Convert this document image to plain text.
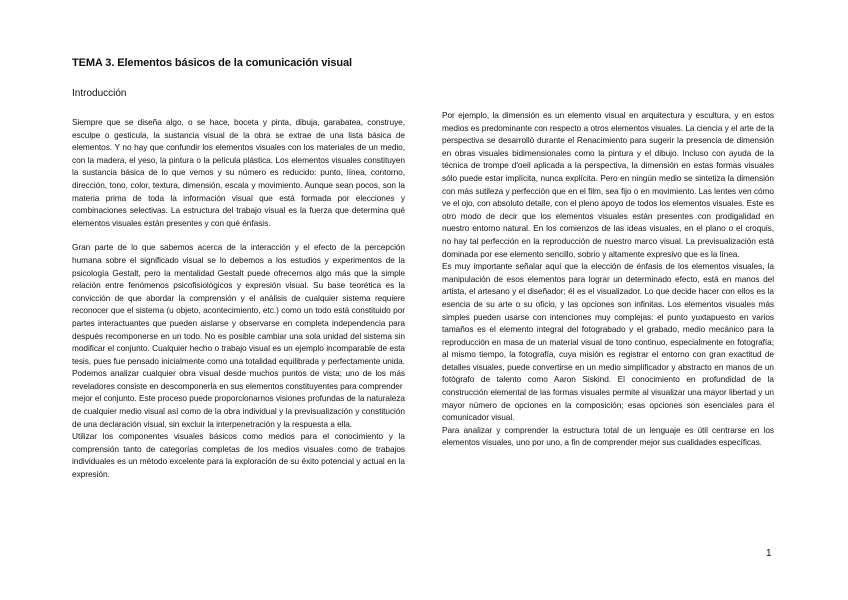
TEMA 3. Elementos básicos de la comunicación visual
Introducción

Siempre que se diseña algo, o se hace, boceta y pinta, dibuja, garabatea, construye, esculpe o gesticula, la sustancia visual de la obra se extrae de una lista básica de elementos. Y no hay que confundir los elementos visuales con los materiales de un medio, con la madera, el yeso, la pintura o la película plástica. Los elementos visuales constituyen la sustancia básica de lo que vemos y su número es reducido: punto, línea, contorno, dirección, tono, color, textura, dimensión, escala y movimiento. Aunque sean pocos, son la materia prima de toda la información visual que está formada por elecciones y combinaciones selectivas. La estructura del trabajo visual es la fuerza que determina qué elementos visuales están presentes y con qué énfasis.

Gran parte de lo que sabemos acerca de la interacción y el efecto de la percepción humana sobre el significado visual se lo debemos a los estudios y experimentos de la psicología Gestalt, pero la mentalidad Gestalt puede ofrecernos algo más que la simple relación entre fenómenos psicofisiológicos y expresión visual. Su base teorética es la convicción de que abordar la comprensión y el análisis de cualquier sistema requiere reconocer que el sistema (u objeto, acontecimiento, etc.) como un todo está constituido por partes interactuantes que pueden aislarse y observarse en completa independencia para después recomponerse en un todo. No es posible cambiar una sola unidad del sistema sin modificar el conjunto. Cualquier hecho o trabajo visual es un ejemplo incomparable de esta tesis, pues fue pensado inicialmente como una totalidad equilibrada y perfectamente unida. Podemos analizar cualquier obra visual desde muchos puntos de vista; uno de los más reveladores consiste en descomponerla en sus elementos constituyentes para comprender

mejor el conjunto. Este proceso puede proporcionarnos visiones profundas de la naturaleza de cualquier medio visual así como de la obra individual y la previsualización y constitución de una declaración visual, sin excluir la interpenetración y la respuesta a ella.

Utilizar los componentes visuales básicos como medios para el conocimiento y la comprensión tanto de categorías completas de los medios visuales como de trabajos individuales es un método excelente para la exploración de su éxito potencial y actual en la expresión.

Por ejemplo, la dimensión es un elemento visual en arquitectura y escultura, y en estos medios es predominante con respecto a otros elementos visuales. La ciencia y el arte de la perspectiva se desarrolló durante el Renacimiento para sugerir la presencia de dimensión en obras visuales bidimensionales como la pintura y el dibujo. Incluso con ayuda de la técnica de trompe d'oeil aplicada a la perspectiva, la dimensión en estas formas visuales sólo puede estar implícita, nunca explícita. Pero en ningún medio se sintetiza la dimensión con más sutileza y perfección que en el film, sea fijo o en movimiento. Las lentes ven cómo ve el ojo, con absoluto detalle, con el pleno apoyo de todos los elementos visuales. Este es otro modo de decir que los elementos visuales están presentes con prodigalidad en nuestro entorno natural. En los comienzos de las ideas visuales, en el plano o el croquis, no hay tal perfección en la reproducción de nuestro marco visual. La previsualización está dominada por ese elemento sencillo, sobrio y altamente expresivo que es la línea.

Es muy importante señalar aquí que la elección de énfasis de los elementos visuales, la manipulación de esos elementos para lograr un determinado efecto, está en manos del artista, el artesano y el diseñador; él es el visualizador. Lo que decide hacer con ellos es la esencia de su arte o su oficio, y las opciones son infinitas. Los elementos visuales más simples pueden usarse con intenciones muy complejas: el punto yuxtapuesto en varios tamaños es el elemento integral del fotograbado y el grabado, medio mecánico para la reproducción en masa de un material visual de tono continuo, especialmente en fotografía; al mismo tiempo, la fotografía, cuya misión es registrar el entorno con gran exactitud de detalles visuales, puede convertirse en un medio simplificador y abstracto en manos de un fotógrafo de talento como Aaron Siskind. El conocimiento en profundidad de la construcción elemental de las formas visuales permite al visualizar una mayor libertad y un mayor número de opciones en la composición; esas opciones son esenciales para el comunicador visual.

Para analizar y comprender la estructura total de un lenguaje es útil centrarse en los elementos visuales, uno por uno, a fin de comprender mejor sus cualidades específicas.

1
